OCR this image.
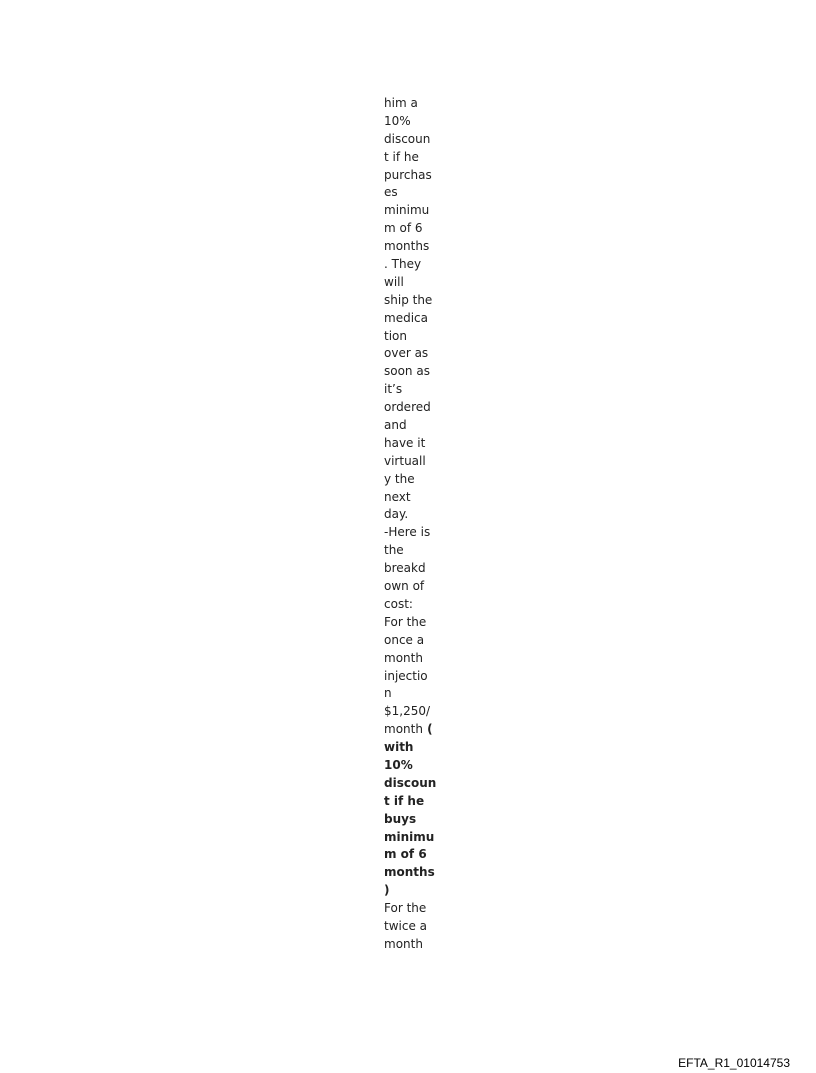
him a
10%
discoun
t if he
purchas
es
minimu
m of 6
months
. They
will
ship the
medica
tion
over as
soon as
it’s
ordered
and
have it
virtuall
y the
next
day.
-Here is
the
breakd
own of
cost:
For the
once a
month
injectio
n
$1,250/
month (
with
10%
discoun
t if he
buys
minimu
m of 6
months
)
For the
twice a
month
EFTA_R1_01014753
